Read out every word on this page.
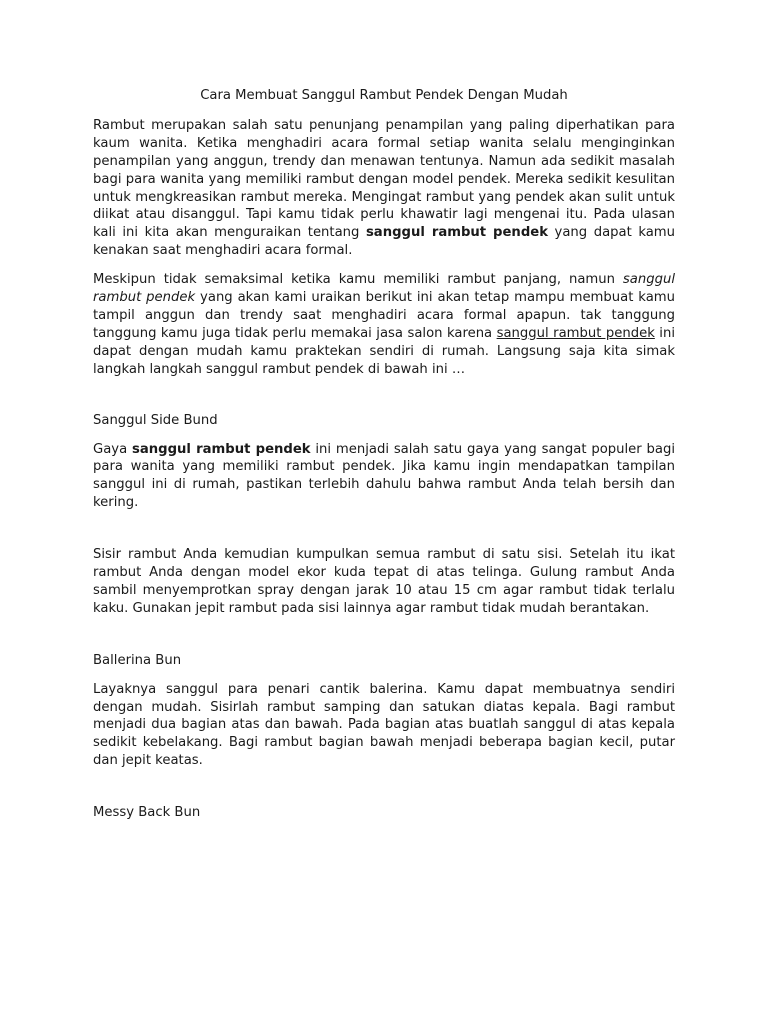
Cara Membuat Sanggul Rambut Pendek Dengan Mudah

Rambut merupakan salah satu penunjang penampilan yang paling diperhatikan para kaum wanita. Ketika menghadiri acara formal setiap wanita selalu menginginkan penampilan yang anggun, trendy dan menawan tentunya. Namun ada sedikit masalah bagi para wanita yang memiliki rambut dengan model pendek. Mereka sedikit kesulitan untuk mengkreasikan rambut mereka. Mengingat rambut yang pendek akan sulit untuk diikat atau disanggul. Tapi kamu tidak perlu khawatir lagi mengenai itu. Pada ulasan kali ini kita akan menguraikan tentang sanggul rambut pendek yang dapat kamu kenakan saat menghadiri acara formal.

Meskipun tidak semaksimal ketika kamu memiliki rambut panjang, namun sanggul rambut pendek yang akan kami uraikan berikut ini akan tetap mampu membuat kamu tampil anggun dan trendy saat menghadiri acara formal apapun. tak tanggung tanggung kamu juga tidak perlu memakai jasa salon karena sanggul rambut pendek ini dapat dengan mudah kamu praktekan sendiri di rumah. Langsung saja kita simak langkah langkah sanggul rambut pendek di bawah ini …

Sanggul Side Bund

Gaya sanggul rambut pendek ini menjadi salah satu gaya yang sangat populer bagi para wanita yang memiliki rambut pendek. Jika kamu ingin mendapatkan tampilan sanggul ini di rumah, pastikan terlebih dahulu bahwa rambut Anda telah bersih dan kering.

Sisir rambut Anda kemudian kumpulkan semua rambut di satu sisi. Setelah itu ikat rambut Anda dengan model ekor kuda tepat di atas telinga. Gulung rambut Anda sambil menyemprotkan spray dengan jarak 10 atau 15 cm agar rambut tidak terlalu kaku. Gunakan jepit rambut pada sisi lainnya agar rambut tidak mudah berantakan.

Ballerina Bun

Layaknya sanggul para penari cantik balerina. Kamu dapat membuatnya sendiri dengan mudah. Sisirlah rambut samping dan satukan diatas kepala. Bagi rambut menjadi dua bagian atas dan bawah. Pada bagian atas buatlah sanggul di atas kepala sedikit kebelakang. Bagi rambut bagian bawah menjadi beberapa bagian kecil, putar dan jepit keatas.

Messy Back Bun
